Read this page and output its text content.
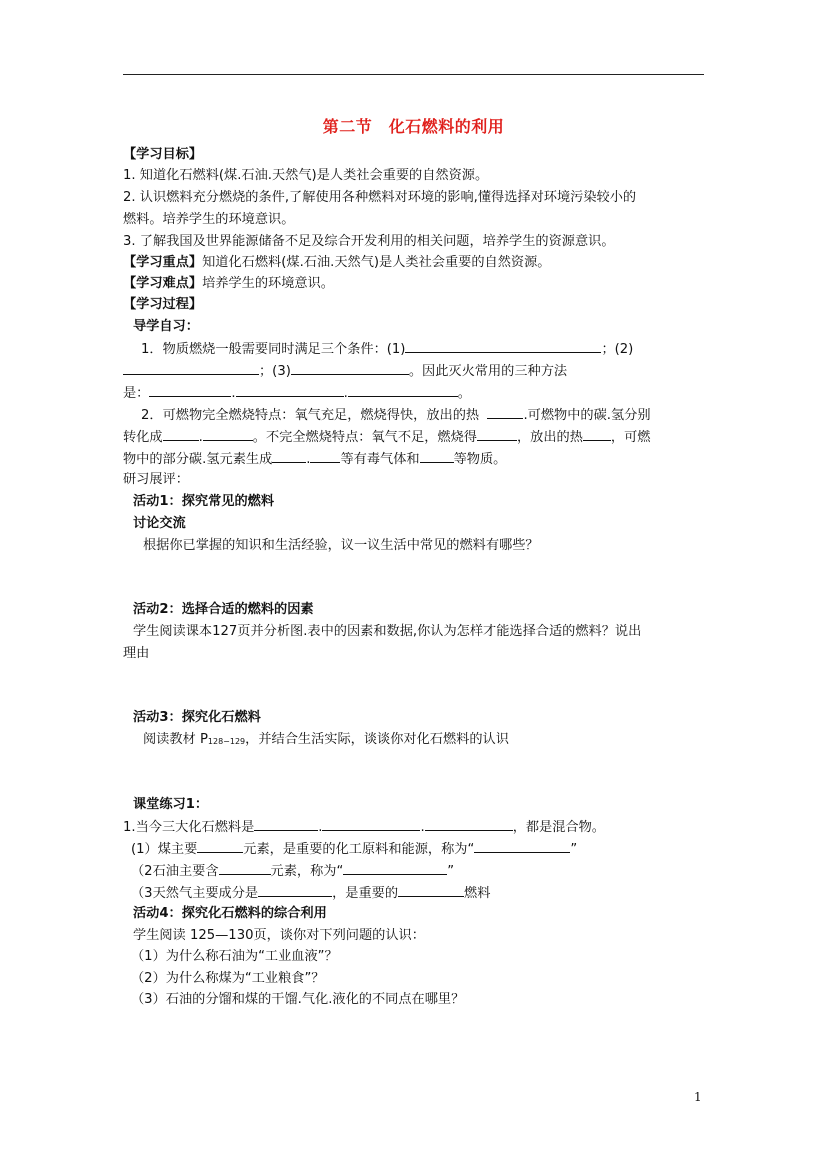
第二节　化石燃料的利用
【学习目标】
1. 知道化石燃料(煤.石油.天然气)是人类社会重要的自然资源。
2. 认识燃料充分燃烧的条件,了解使用各种燃料对环境的影响,懂得选择对环境污染较小的
燃料。培养学生的环境意识。
3. 了解我国及世界能源储备不足及综合开发利用的相关问题，培养学生的资源意识。
【学习重点】知道化石燃料(煤.石油.天然气)是人类社会重要的自然资源。
【学习难点】培养学生的环境意识。
【学习过程】
导学自习：
1．物质燃烧一般需要同时满足三个条件：(1)	；(2)
；(3)	。因此灭火常用的三种方法
是：	.	.	。
2．可燃物完全燃烧特点：氧气充足，燃烧得快，放出的热	.可燃物中的碳.氢分别
转化成	.	。不完全燃烧特点：氧气不足，燃烧得	，放出的热 ，可燃
物中的部分碳.氢元素生成	. 等有毒气体和	等物质。
研习展评：
活动1：探究常见的燃料
讨论交流
根据你已掌握的知识和生活经验，议一议生活中常见的燃料有哪些？
活动2：选择合适的燃料的因素
学生阅读课本127页并分析图.表中的因素和数据,你认为怎样才能选择合适的燃料？说出
理由
活动3：探究化石燃料
阅读教材 P128−129，并结合生活实际，谈谈你对化石燃料的认识
课堂练习1：
1.当今三大化石燃料是	.	.	，都是混合物。
(1）煤主要	元素，是重要的化工原料和能源，称为“	”
（2石油主要含	元素，称为“	”
（3天然气主要成分是	，是重要的	燃料
活动4：探究化石燃料的综合利用
学生阅读 125—130页，谈你对下列问题的认识：
（1）为什么称石油为“工业血液”？
（2）为什么称煤为“工业粮食”？
（3）石油的分馏和煤的干馏.气化.液化的不同点在哪里？
1
